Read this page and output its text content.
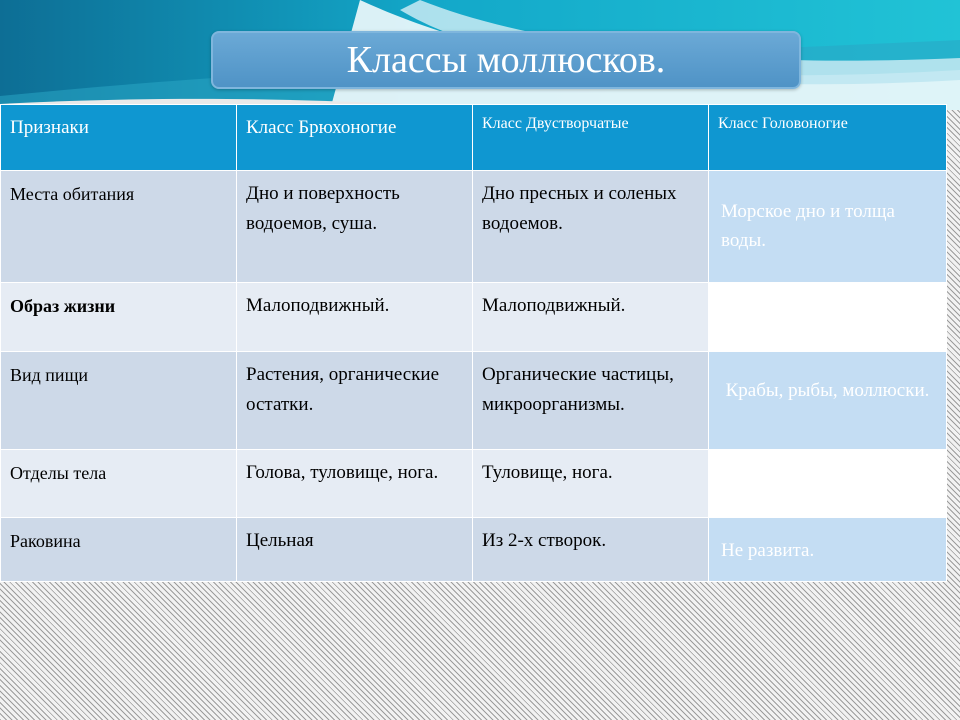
Классы моллюсков.
Признаки	Класс Брюхоногие	Класс Двустворчатые	Класс Головоногие
Места обитания	Дно и поверхность водоемов, суша.	Дно пресных и соленых водоемов.	Морское дно и толща воды.
Образ жизни	Малоподвижный.	Малоподвижный.	
Вид пищи	Растения, органические остатки.	Органические частицы, микроорганизмы.	Крабы, рыбы, моллюски.
Отделы тела	Голова, туловище, нога.	Туловище, нога.	
Раковина	Цельная	Из 2-х створок.	Не развита.
